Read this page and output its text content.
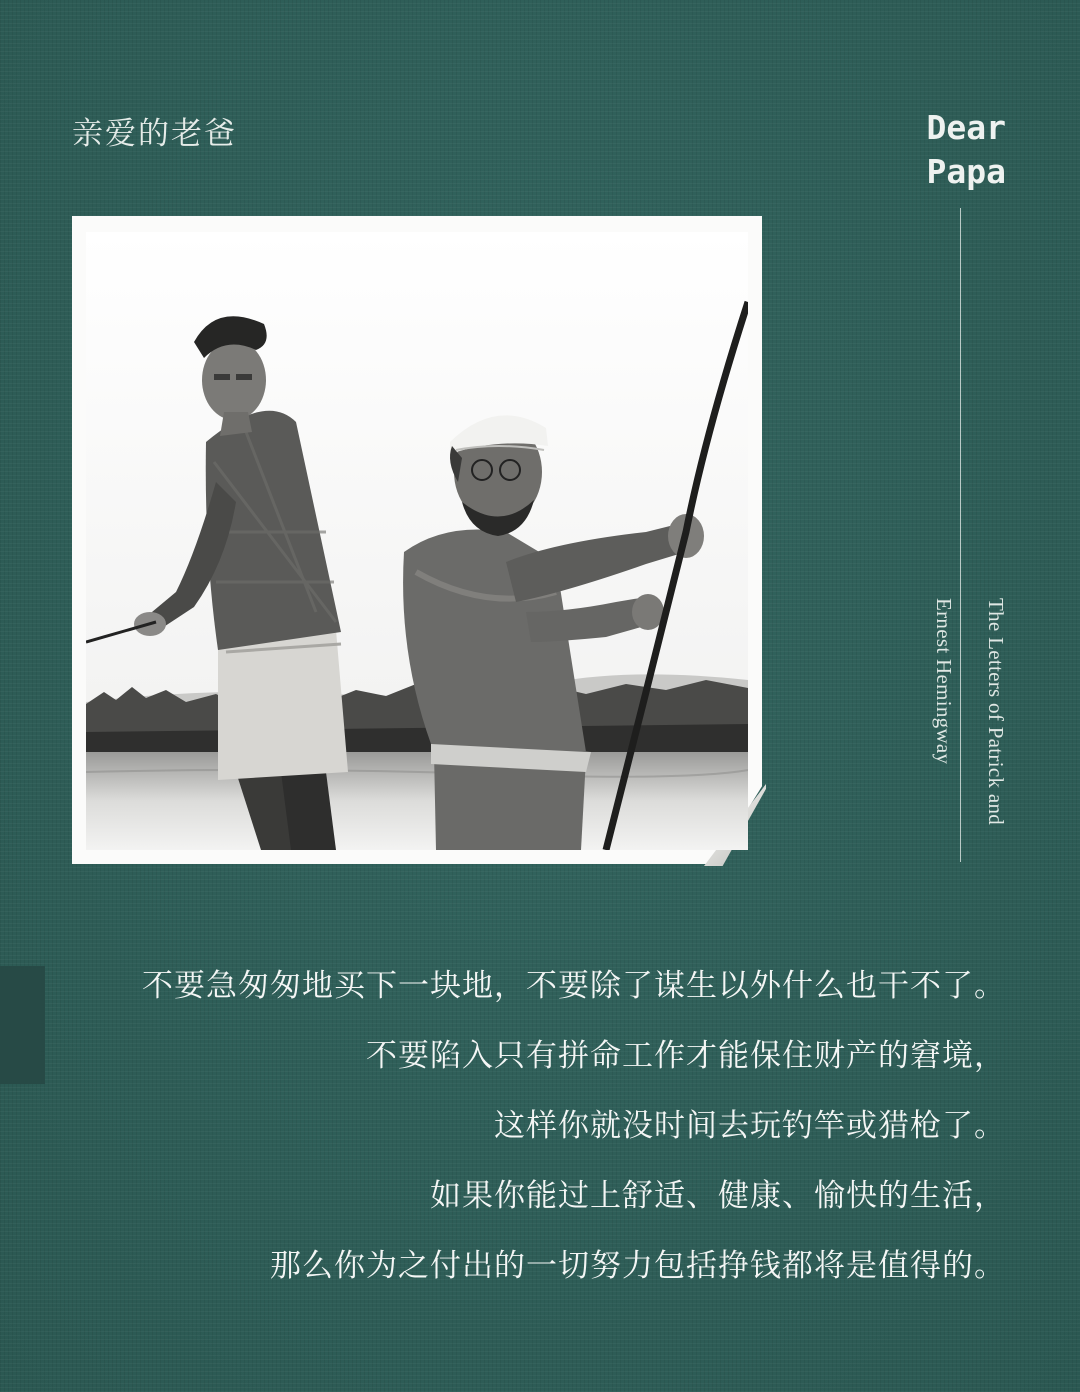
亲爱的老爸	Dear
Papa
The Letters of Patrick and
Ernest Hemingway

不要急匆匆地买下一块地，不要除了谋生以外什么也干不了。

不要陷入只有拼命工作才能保住财产的窘境，

这样你就没时间去玩钓竿或猎枪了。

如果你能过上舒适、健康、愉快的生活，

那么你为之付出的一切努力包括挣钱都将是值得的。
